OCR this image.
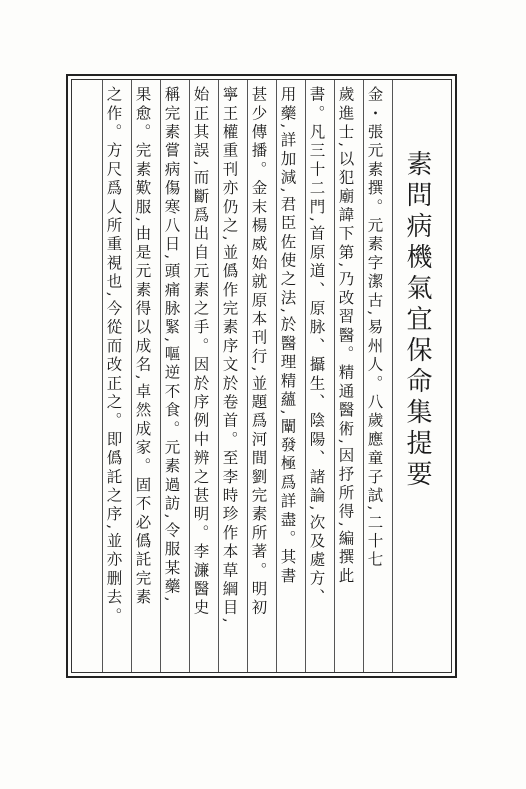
素問病機氣宜保命集提要
金・張元素撰。元素字潔古,易州人。八歲應童子試,二十七
歲進士,以犯廟諱下第,乃改習醫。精通醫術,因抒所得,編撰此
書。凡三十二門,首原道、原脉、攝生、陰陽、諸論,次及處方、
用藥,詳加減,君臣佐使之法,於醫理精蘊,闡發極爲詳盡。其書
甚少傳播。金末楊威始就原本刊行,並題爲河間劉完素所著。明初
寧王權重刊亦仍之,並僞作完素序文於卷首。至李時珍作本草綱目,
始正其誤,而斷爲出自元素之手。因於序例中辨之甚明。李濂醫史
稱完素嘗病傷寒八日,頭痛脉緊,嘔逆不食。元素過訪,令服某藥,
果愈。完素歎服,由是元素得以成名,卓然成家。固不必僞託完素
之作。方尺爲人所重視也,今從而改正之。即僞託之序,並亦删去。
